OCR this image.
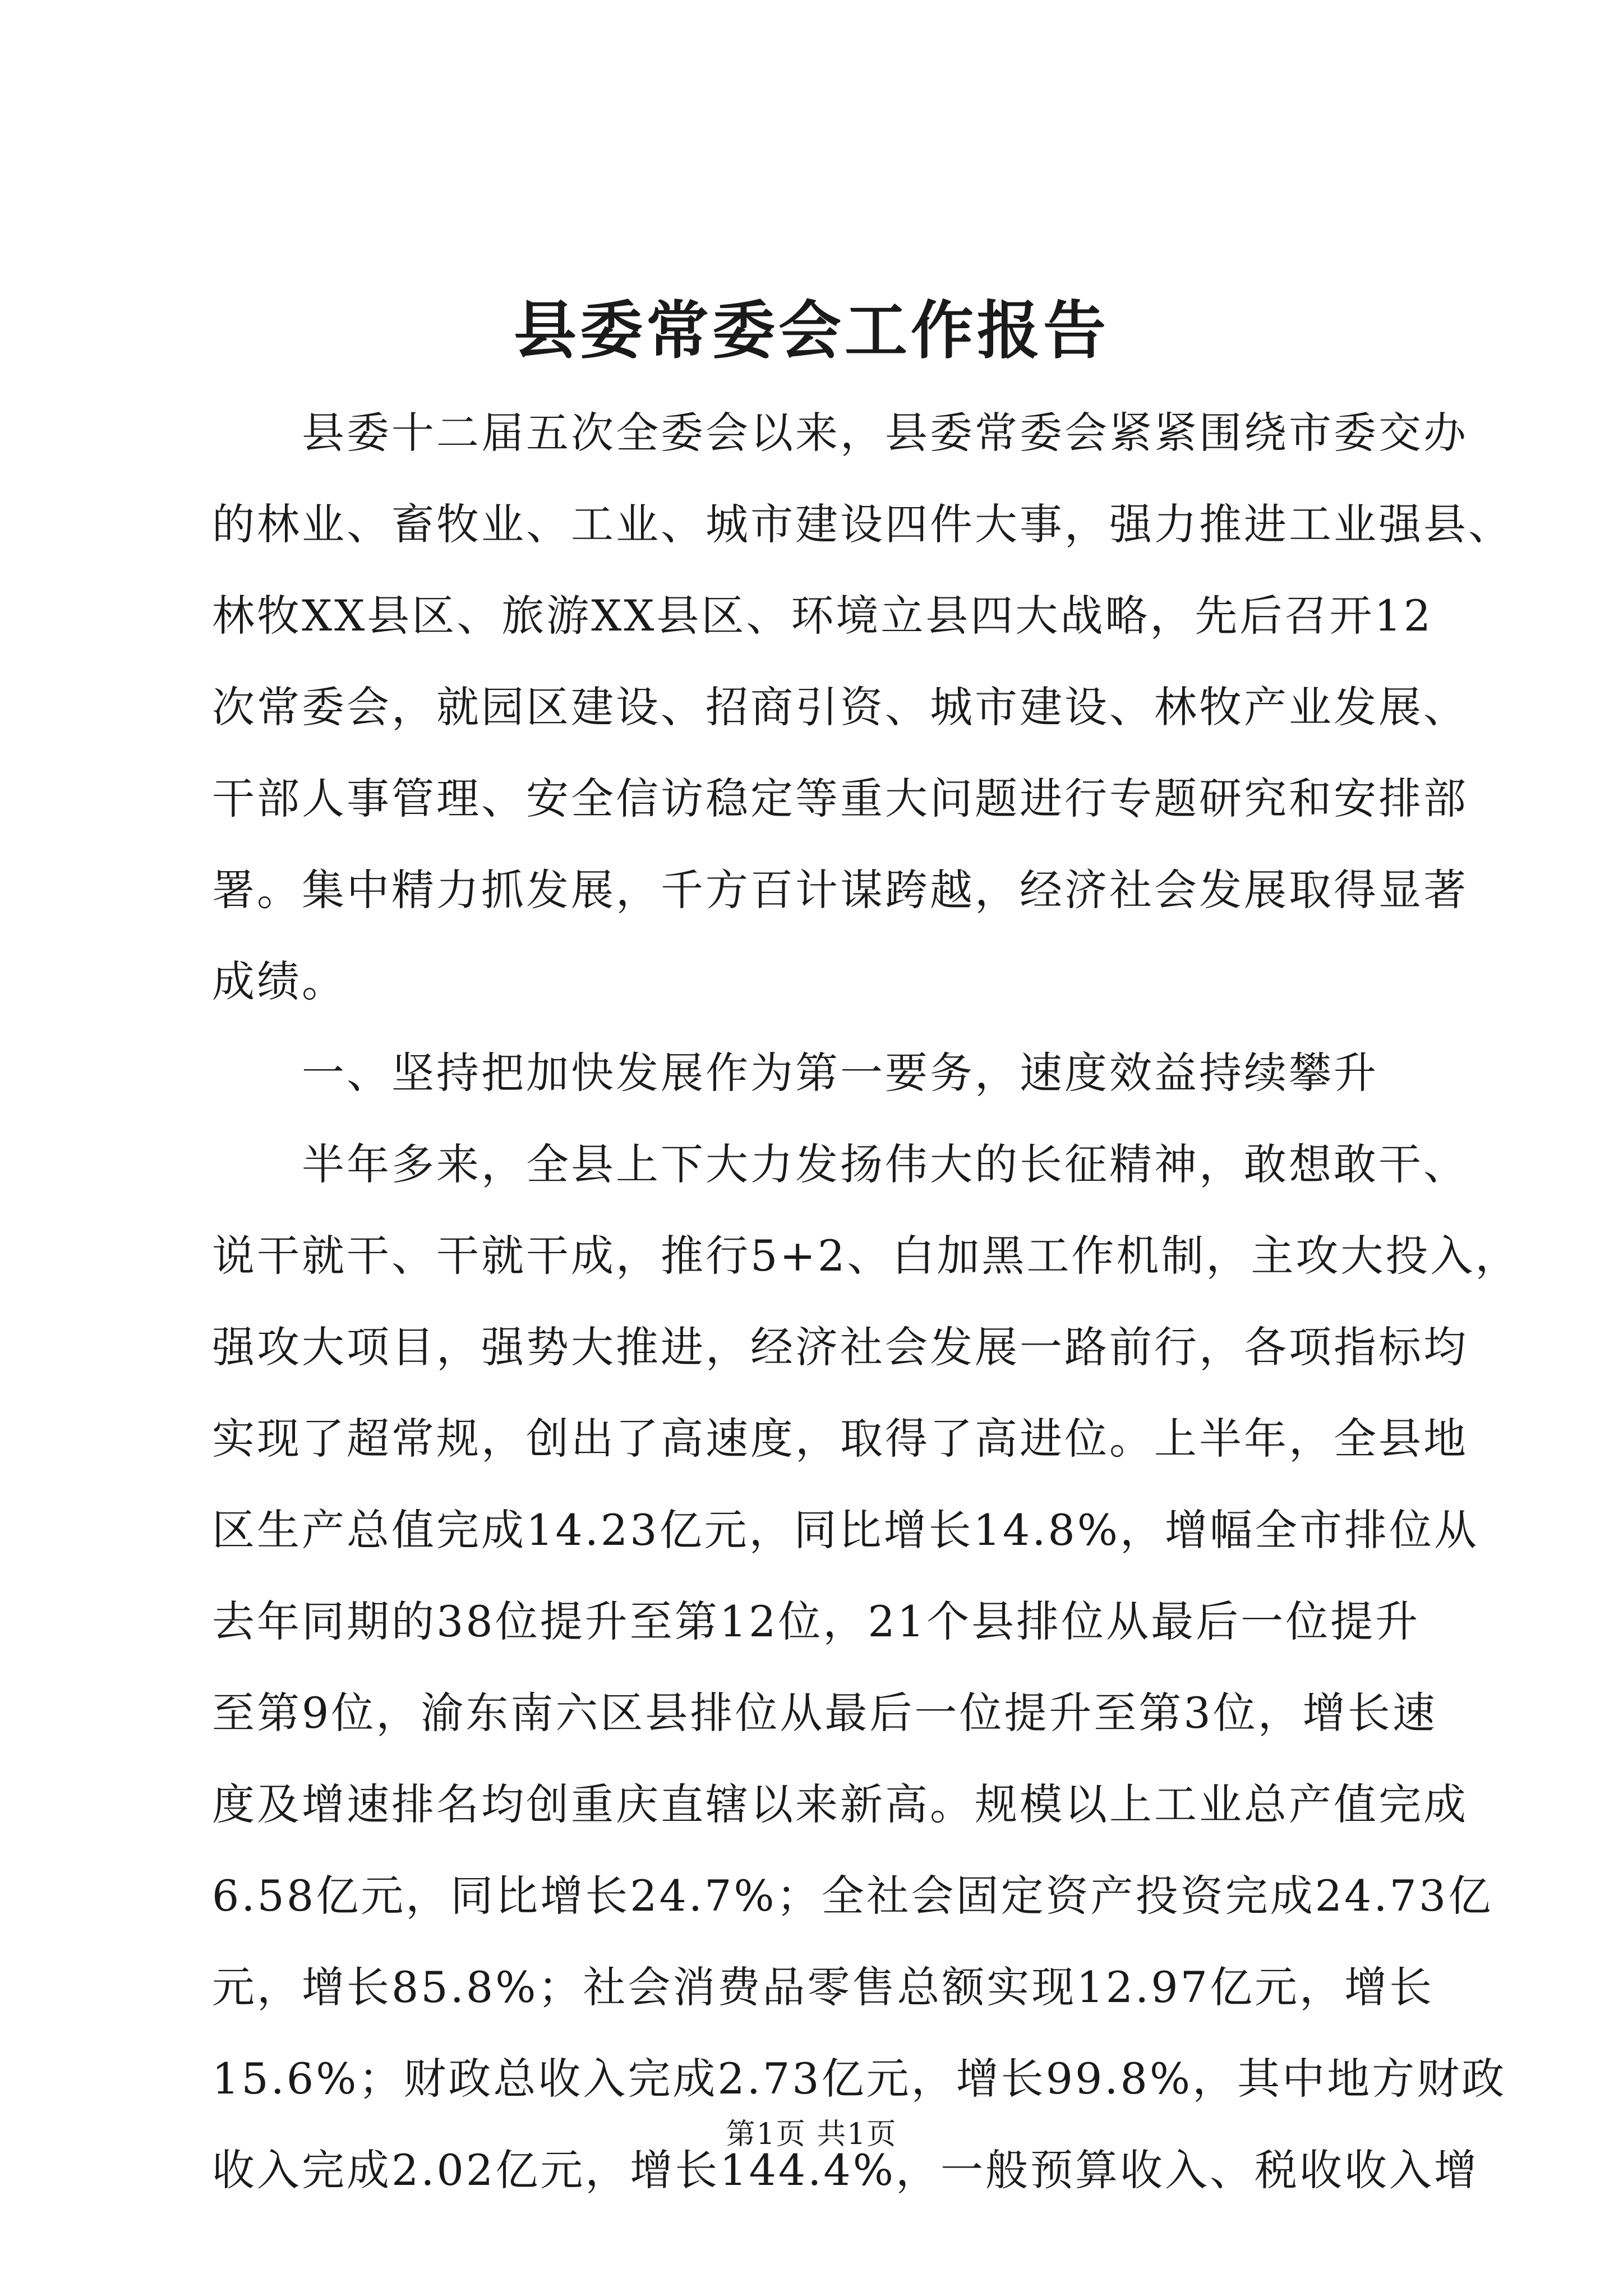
县委常委会工作报告
县委十二届五次全委会以来，县委常委会紧紧围绕市委交办
的林业、畜牧业、工业、城市建设四件大事，强力推进工业强县、
林牧XX县区、旅游XX县区、环境立县四大战略，先后召开12
次常委会，就园区建设、招商引资、城市建设、林牧产业发展、
干部人事管理、安全信访稳定等重大问题进行专题研究和安排部
署。集中精力抓发展，千方百计谋跨越，经济社会发展取得显著
成绩。
一、坚持把加快发展作为第一要务，速度效益持续攀升
半年多来，全县上下大力发扬伟大的长征精神，敢想敢干、
说干就干、干就干成，推行5+2、白加黑工作机制，主攻大投入，
强攻大项目，强势大推进，经济社会发展一路前行，各项指标均
实现了超常规，创出了高速度，取得了高进位。上半年，全县地
区生产总值完成14.23亿元，同比增长14.8%，增幅全市排位从
去年同期的38位提升至第12位，21个县排位从最后一位提升
至第9位，渝东南六区县排位从最后一位提升至第3位，增长速
度及增速排名均创重庆直辖以来新高。规模以上工业总产值完成
6.58亿元，同比增长24.7%；全社会固定资产投资完成24.73亿
元，增长85.8%；社会消费品零售总额实现12.97亿元，增长
15.6%；财政总收入完成2.73亿元，增长99.8%，其中地方财政
收入完成2.02亿元，增长144.4%，一般预算收入、税收收入增
第1页 共1页
